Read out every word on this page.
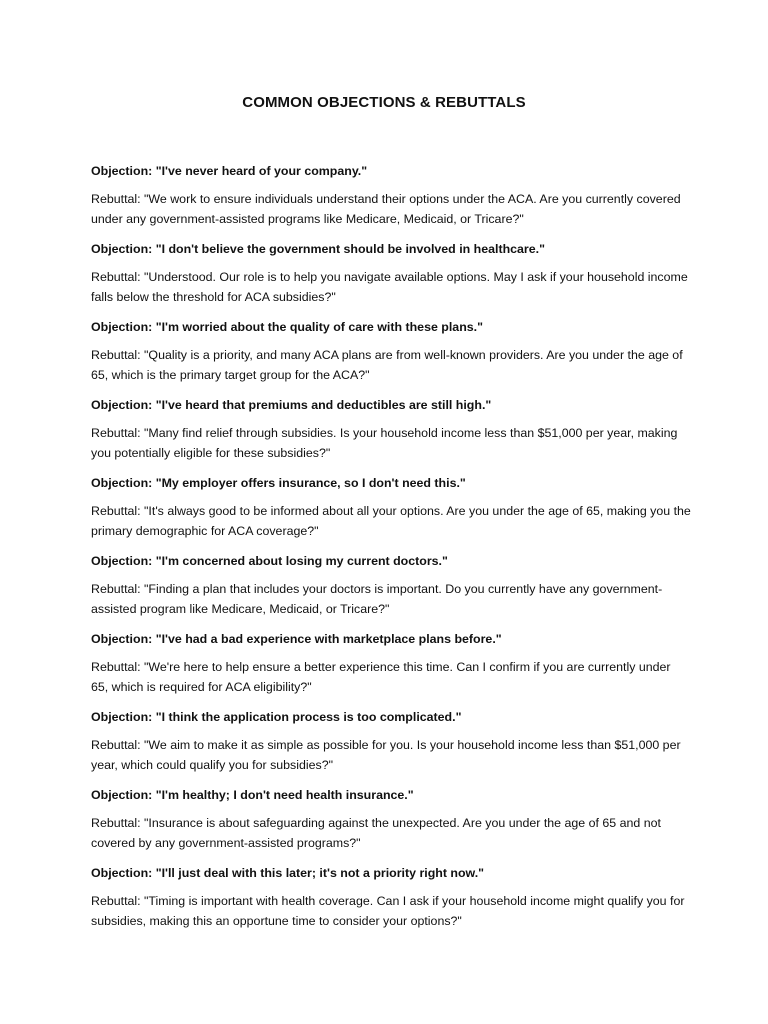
COMMON OBJECTIONS & REBUTTALS

Objection: "I've never heard of your company."

Rebuttal: "We work to ensure individuals understand their options under the ACA. Are you currently covered under any government-assisted programs like Medicare, Medicaid, or Tricare?"

Objection: "I don't believe the government should be involved in healthcare."

Rebuttal: "Understood. Our role is to help you navigate available options. May I ask if your household income falls below the threshold for ACA subsidies?"

Objection: "I'm worried about the quality of care with these plans."

Rebuttal: "Quality is a priority, and many ACA plans are from well-known providers. Are you under the age of 65, which is the primary target group for the ACA?"

Objection: "I've heard that premiums and deductibles are still high."

Rebuttal: "Many find relief through subsidies. Is your household income less than $51,000 per year, making you potentially eligible for these subsidies?"

Objection: "My employer offers insurance, so I don't need this."

Rebuttal: "It's always good to be informed about all your options. Are you under the age of 65, making you the primary demographic for ACA coverage?"

Objection: "I'm concerned about losing my current doctors."

Rebuttal: "Finding a plan that includes your doctors is important. Do you currently have any government-assisted program like Medicare, Medicaid, or Tricare?"

Objection: "I've had a bad experience with marketplace plans before."

Rebuttal: "We're here to help ensure a better experience this time. Can I confirm if you are currently under 65, which is required for ACA eligibility?"

Objection: "I think the application process is too complicated."

Rebuttal: "We aim to make it as simple as possible for you. Is your household income less than $51,000 per year, which could qualify you for subsidies?"

Objection: "I'm healthy; I don't need health insurance."

Rebuttal: "Insurance is about safeguarding against the unexpected. Are you under the age of 65 and not covered by any government-assisted programs?"

Objection: "I'll just deal with this later; it's not a priority right now."

Rebuttal: "Timing is important with health coverage. Can I ask if your household income might qualify you for subsidies, making this an opportune time to consider your options?"
